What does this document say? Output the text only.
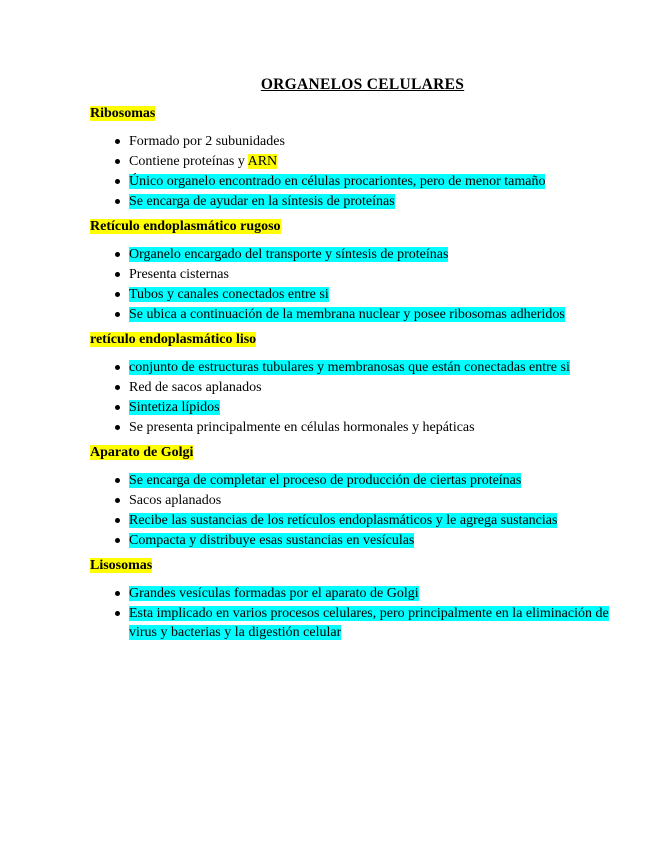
ORGANELOS CELULARES
Ribosomas
Formado por 2 subunidades
Contiene proteínas y ARN
Único organelo encontrado en células procariontes, pero de menor tamaño
Se encarga de ayudar en la síntesis de proteínas
Retículo endoplasmático rugoso
Organelo encargado del transporte y síntesis de proteínas
Presenta cisternas
Tubos y canales conectados entre si
Se ubica a continuación de la membrana nuclear y posee ribosomas adheridos
retículo endoplasmático liso
conjunto de estructuras tubulares y membranosas que están conectadas entre si
Red de sacos aplanados
Sintetiza lípidos
Se presenta principalmente en células hormonales y hepáticas
Aparato de Golgi
Se encarga de completar el proceso de producción de ciertas proteínas
Sacos aplanados
Recibe las sustancias de los retículos endoplasmáticos y le agrega sustancias
Compacta y distribuye esas sustancias en vesículas
Lisosomas
Grandes vesículas formadas por el aparato de Golgi
Esta implicado en varios procesos celulares, pero principalmente en la eliminación de virus y bacterias y la digestión celular
